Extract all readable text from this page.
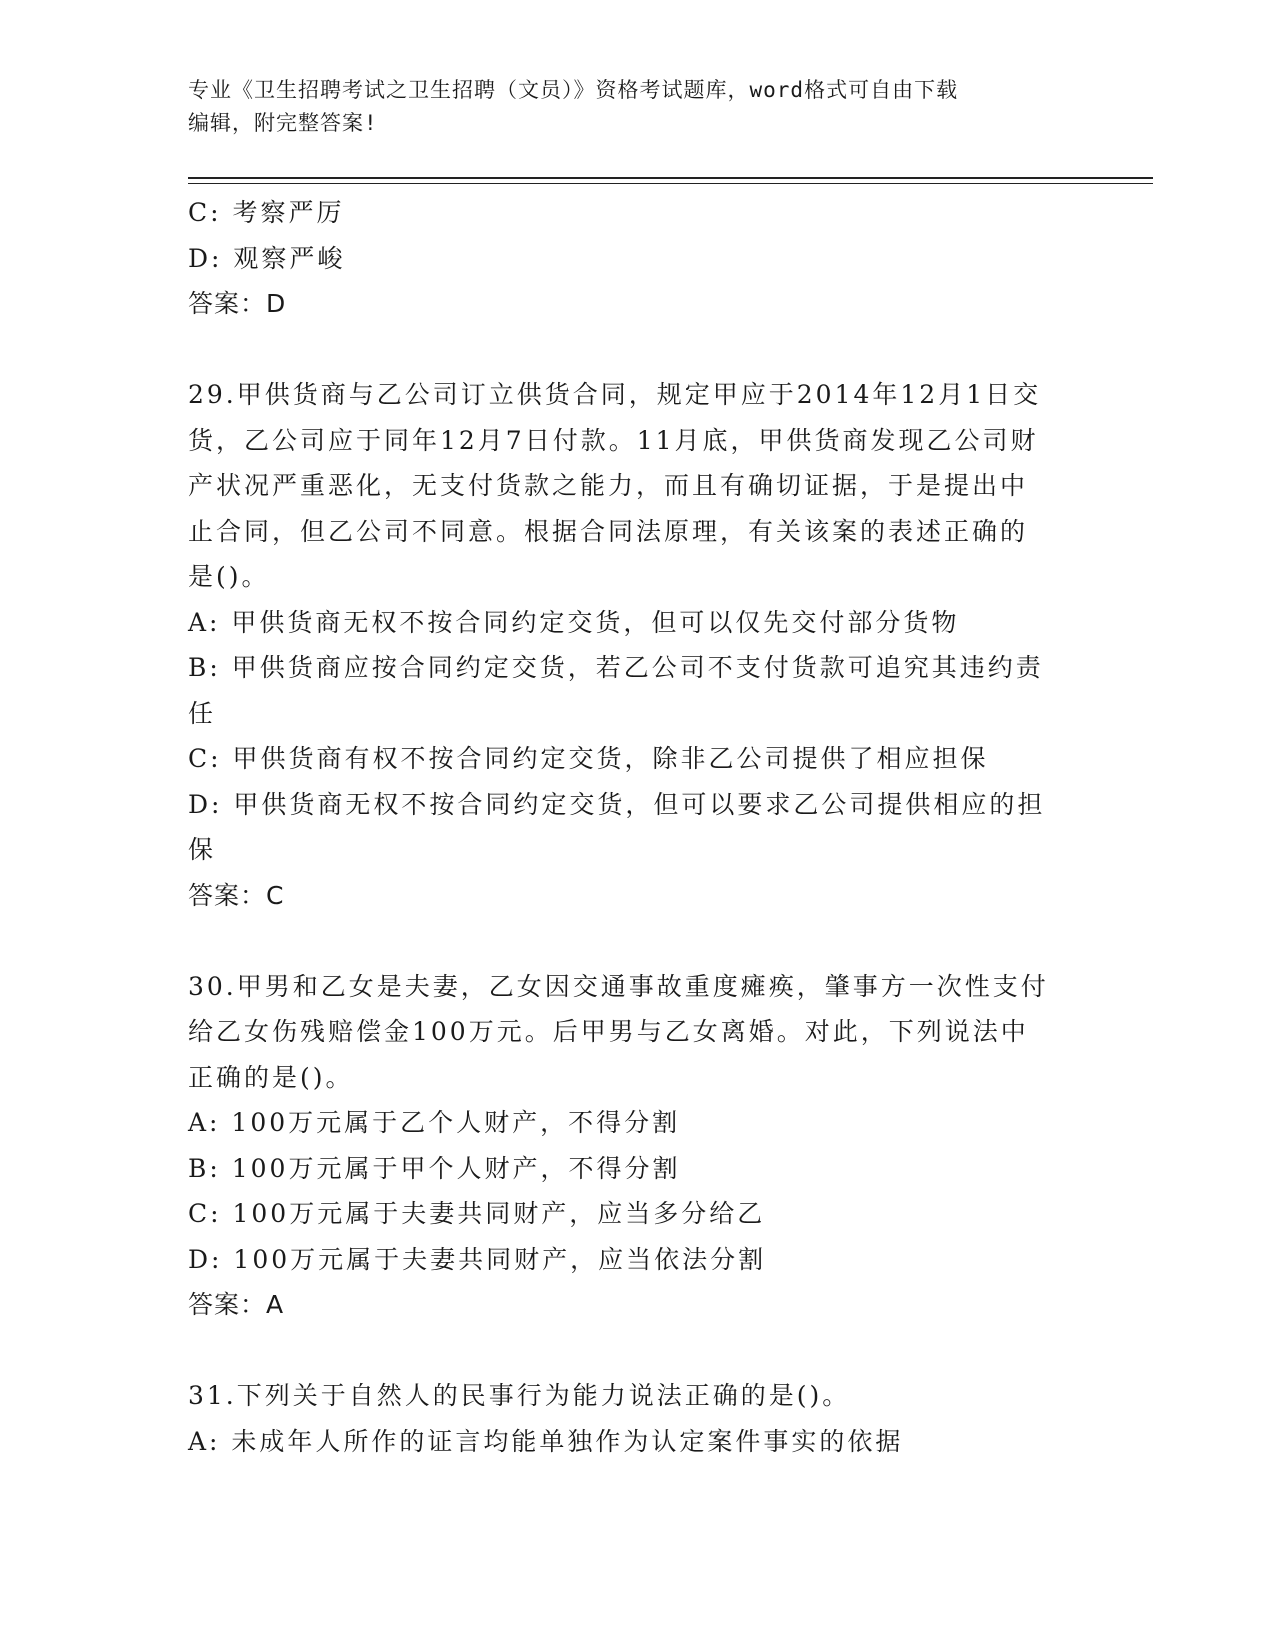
专业《卫生招聘考试之卫生招聘（文员）》资格考试题库，word格式可自由下载
编辑，附完整答案!
C: 考察严厉
D: 观察严峻
答案：D
29.甲供货商与乙公司订立供货合同，规定甲应于2014年12月1日交
货，乙公司应于同年12月7日付款。11月底，甲供货商发现乙公司财
产状况严重恶化，无支付货款之能力，而且有确切证据，于是提出中
止合同，但乙公司不同意。根据合同法原理，有关该案的表述正确的
是()。
A: 甲供货商无权不按合同约定交货，但可以仅先交付部分货物
B: 甲供货商应按合同约定交货，若乙公司不支付货款可追究其违约责
任
C: 甲供货商有权不按合同约定交货，除非乙公司提供了相应担保
D: 甲供货商无权不按合同约定交货，但可以要求乙公司提供相应的担
保
答案：C
30.甲男和乙女是夫妻，乙女因交通事故重度瘫痪，肇事方一次性支付
给乙女伤残赔偿金100万元。后甲男与乙女离婚。对此，下列说法中
正确的是()。
A: 100万元属于乙个人财产，不得分割
B: 100万元属于甲个人财产，不得分割
C: 100万元属于夫妻共同财产，应当多分给乙
D: 100万元属于夫妻共同财产，应当依法分割
答案：A
31.下列关于自然人的民事行为能力说法正确的是()。
A: 未成年人所作的证言均能单独作为认定案件事实的依据
